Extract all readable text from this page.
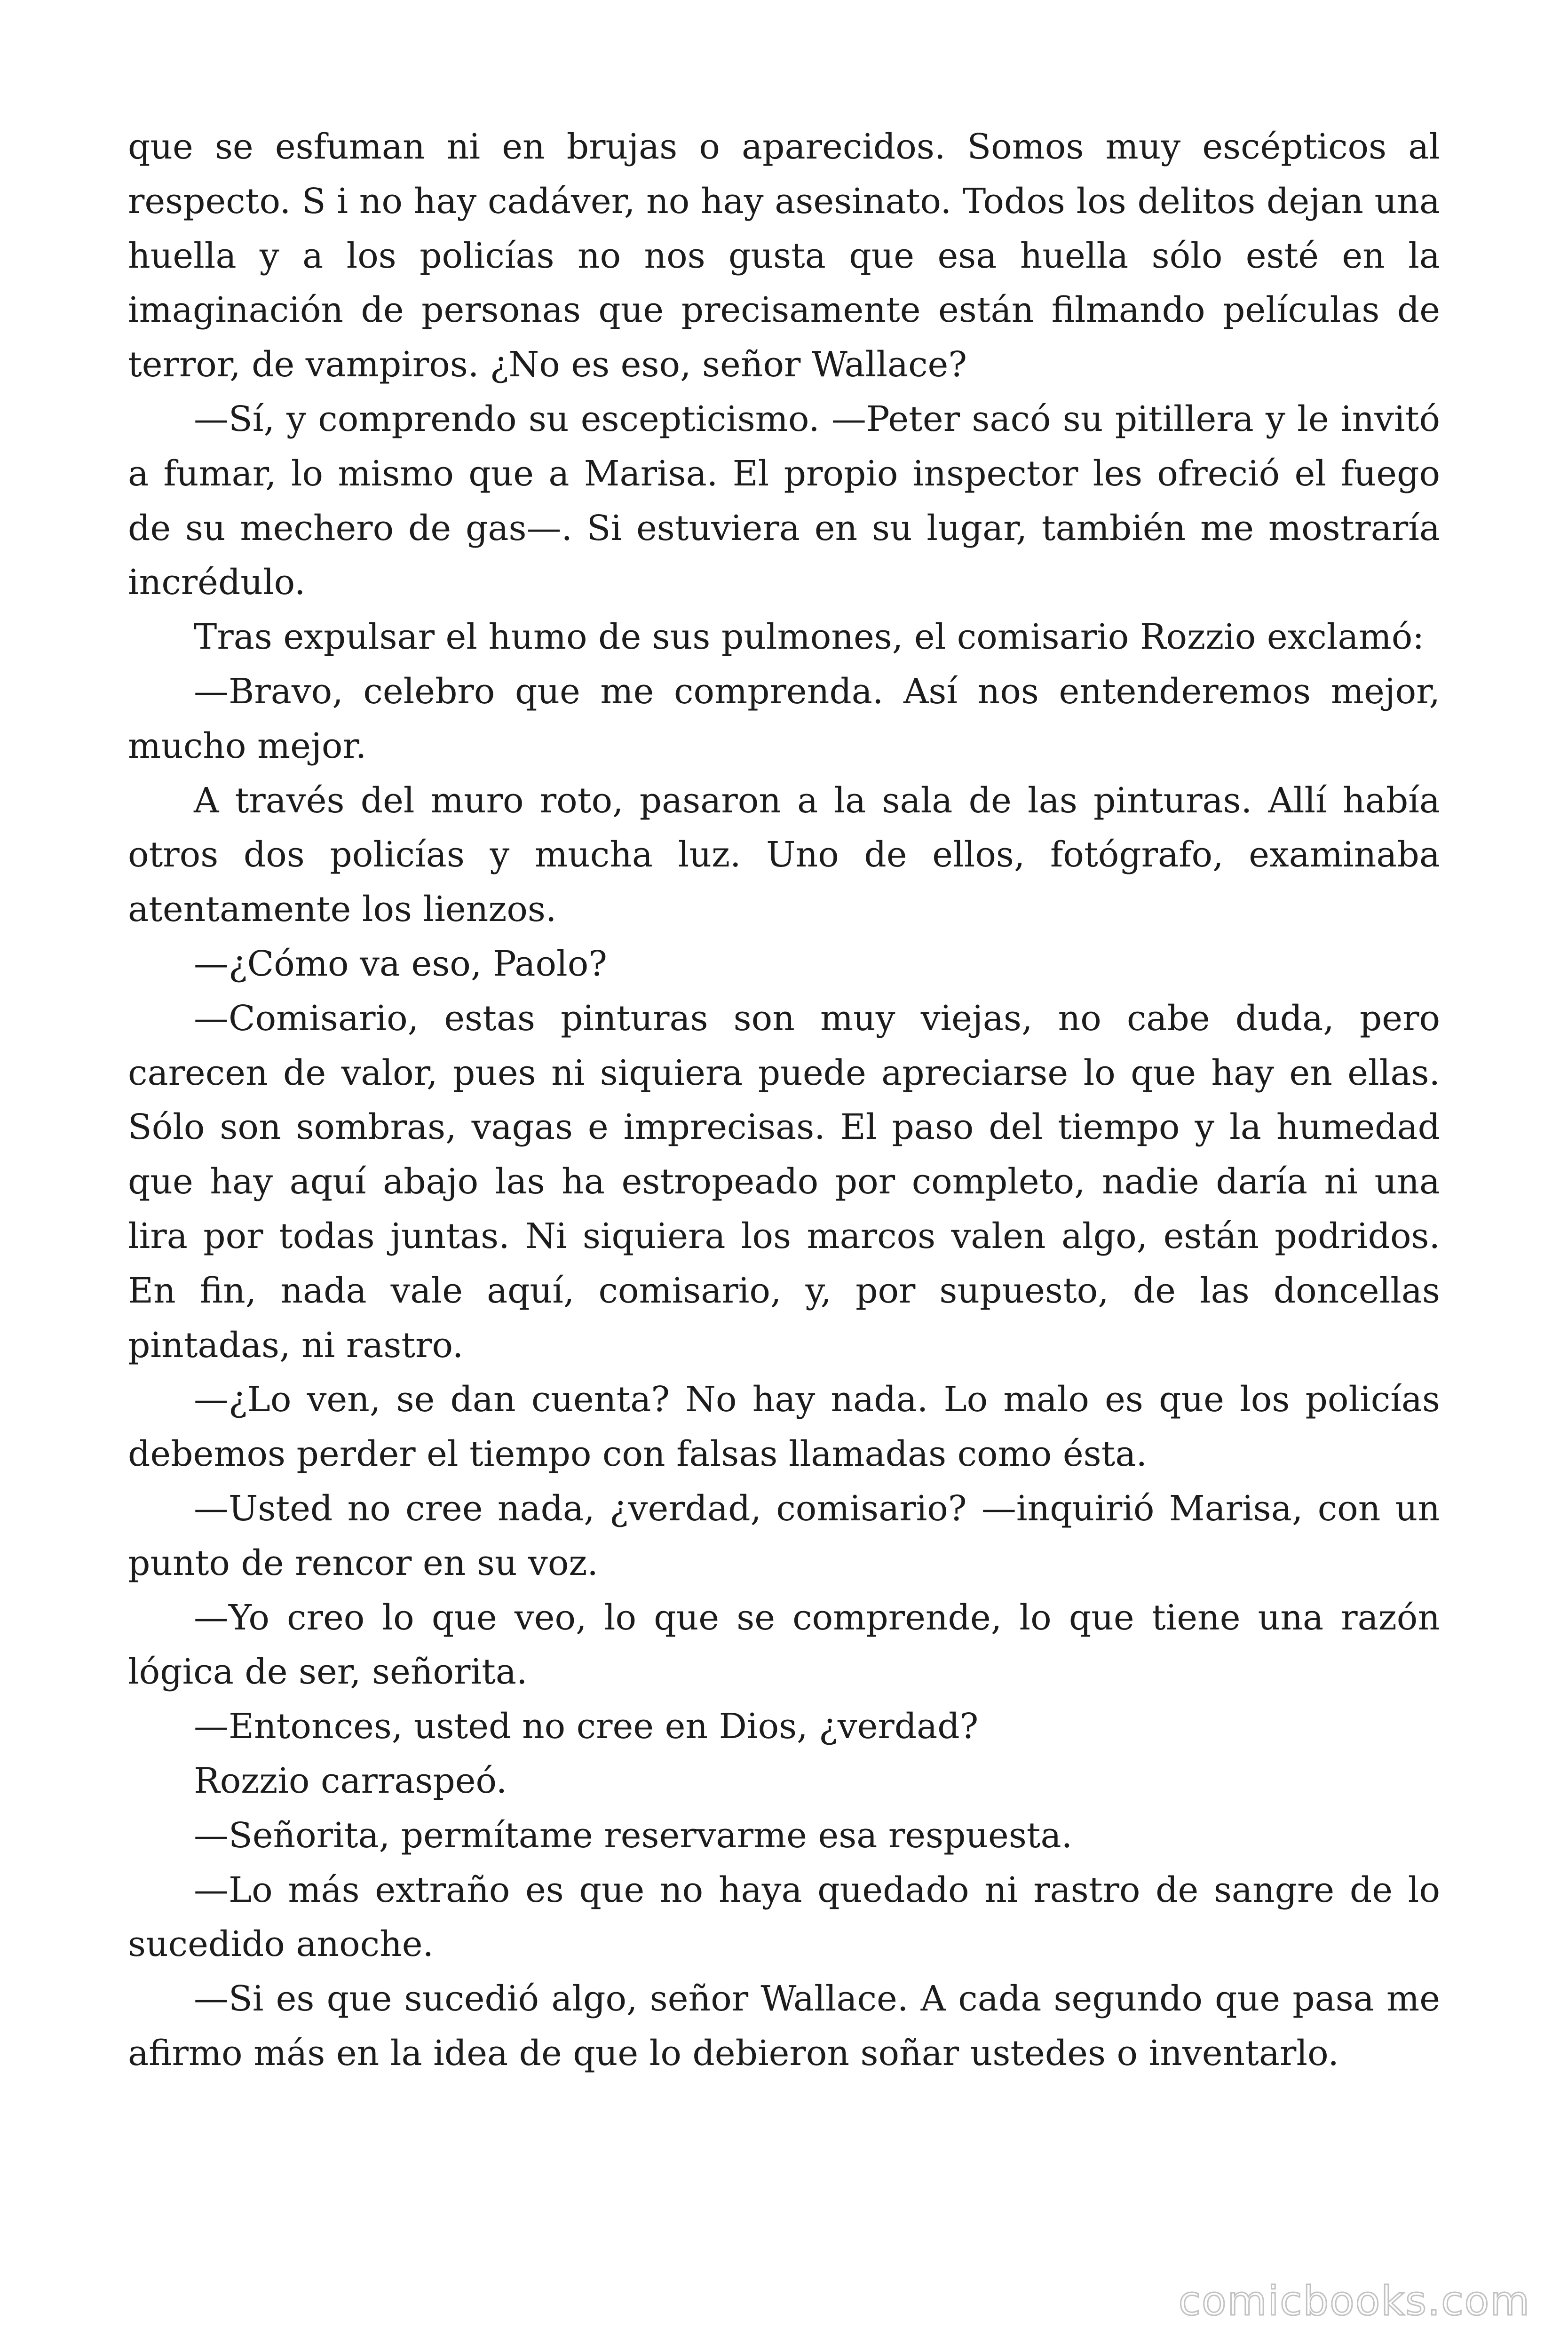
que se esfuman ni en brujas o aparecidos. Somos muy escépticos al respecto. S i no hay cadáver, no hay asesinato. Todos los delitos dejan una huella y a los policías no nos gusta que esa huella sólo esté en la imaginación de personas que precisamente están filmando películas de terror, de vampiros. ¿No es eso, señor Wallace?

—Sí, y comprendo su escepticismo. —Peter sacó su pitillera y le invitó a fumar, lo mismo que a Marisa. El propio inspector les ofreció el fuego de su mechero de gas—. Si estuviera en su lugar, también me mostraría incrédulo.

Tras expulsar el humo de sus pulmones, el comisario Rozzio exclamó:

—Bravo, celebro que me comprenda. Así nos entenderemos mejor, mucho mejor.

A través del muro roto, pasaron a la sala de las pinturas. Allí había otros dos policías y mucha luz. Uno de ellos, fotógrafo, examinaba atentamente los lienzos.

—¿Cómo va eso, Paolo?

—Comisario, estas pinturas son muy viejas, no cabe duda, pero carecen de valor, pues ni siquiera puede apreciarse lo que hay en ellas. Sólo son sombras, vagas e imprecisas. El paso del tiempo y la humedad que hay aquí abajo las ha estropeado por completo, nadie daría ni una lira por todas juntas. Ni siquiera los marcos valen algo, están podridos. En fin, nada vale aquí, comisario, y, por supuesto, de las doncellas pintadas, ni rastro.

—¿Lo ven, se dan cuenta? No hay nada. Lo malo es que los policías debemos perder el tiempo con falsas llamadas como ésta.

—Usted no cree nada, ¿verdad, comisario? —inquirió Marisa, con un punto de rencor en su voz.

—Yo creo lo que veo, lo que se comprende, lo que tiene una razón lógica de ser, señorita.

—Entonces, usted no cree en Dios, ¿verdad?

Rozzio carraspeó.

—Señorita, permítame reservarme esa respuesta.

—Lo más extraño es que no haya quedado ni rastro de sangre de lo sucedido anoche.

—Si es que sucedió algo, señor Wallace. A cada segundo que pasa me afirmo más en la idea de que lo debieron soñar ustedes o inventarlo.

comicbooks.com
